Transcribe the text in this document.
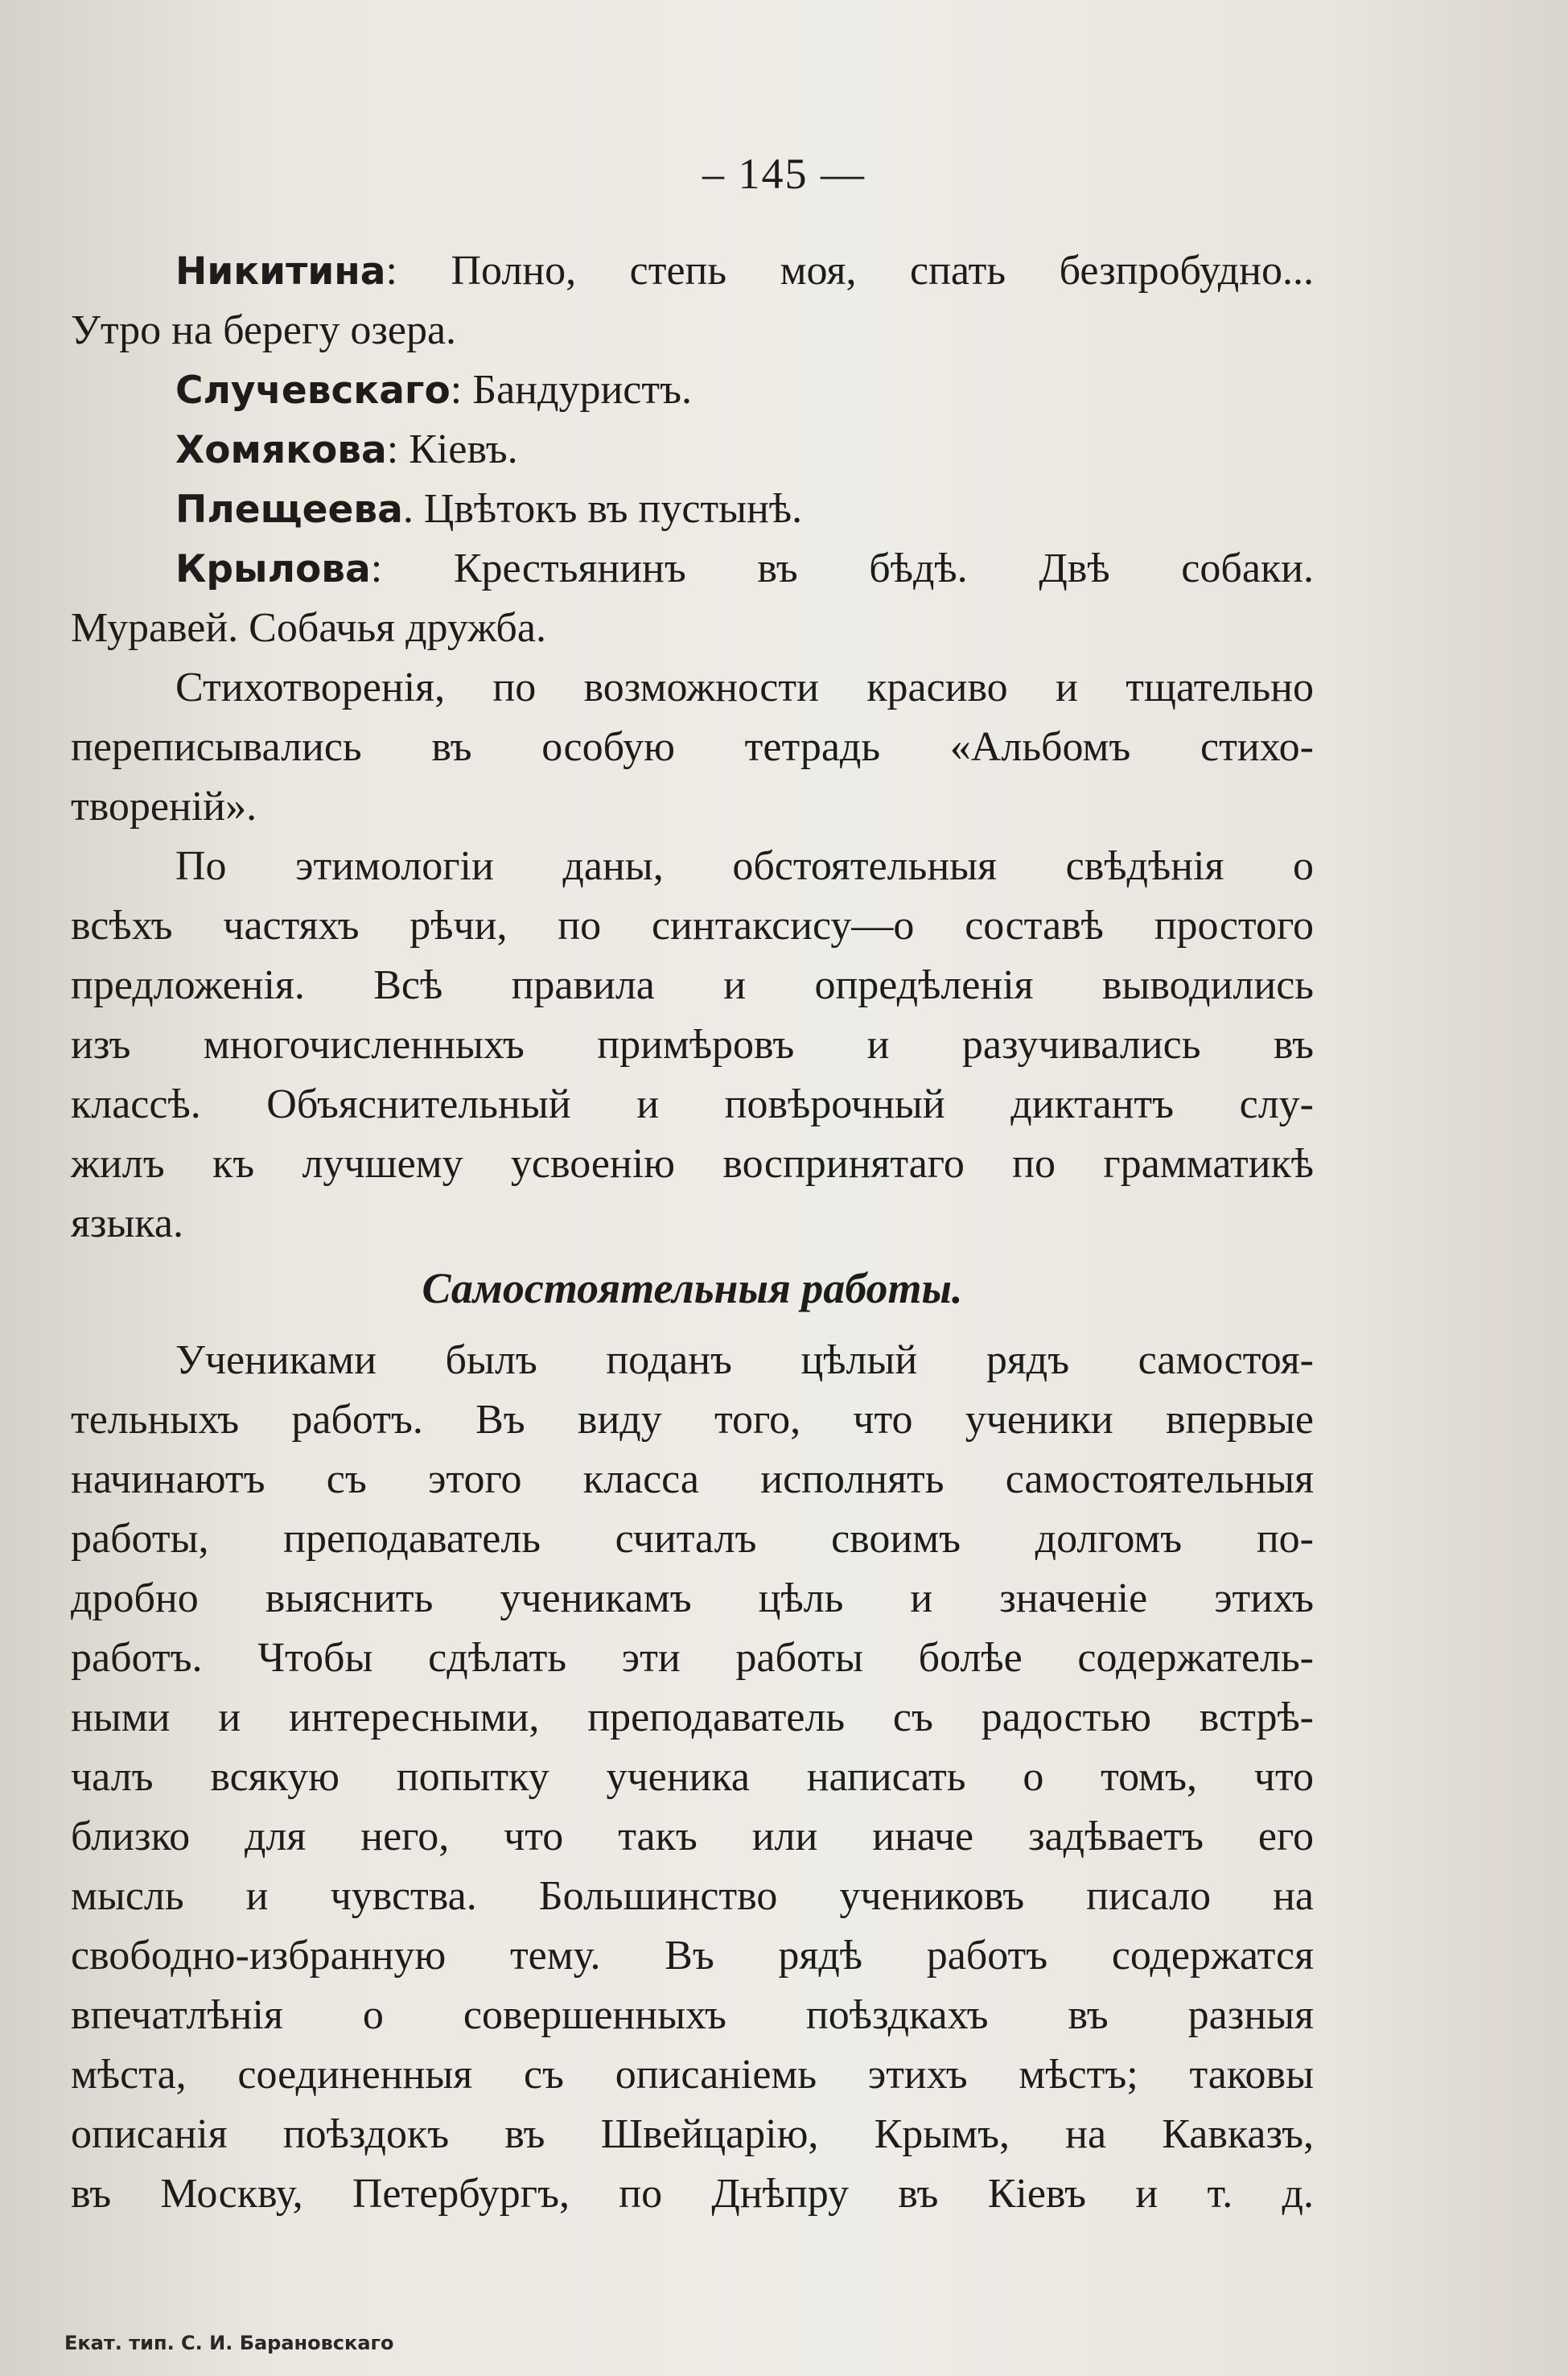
– 145 —
Никитина: Полно, степь моя, спать безпробудно...
Утро на берегу озера.
Случевскаго: Бандуристъ.
Хомякова: Кіевъ.
Плещеева. Цвѣтокъ въ пустынѣ.
Крылова: Крестьянинъ въ бѣдѣ. Двѣ собаки.
Муравей. Собачья дружба.
Стихотворенія, по возможности красиво и тщательно
переписывались въ особую тетрадь «Альбомъ стихо-
твореній».
По этимологіи даны, обстоятельныя свѣдѣнія о
всѣхъ частяхъ рѣчи, по синтаксису—о составѣ простого
предложенія. Всѣ правила и опредѣленія выводились
изъ многочисленныхъ примѣровъ и разучивались въ
классѣ. Объяснительный и повѣрочный диктантъ слу-
жилъ къ лучшему усвоенію воспринятаго по грамматикѣ
языка.
Самостоятельныя работы.
Учениками былъ поданъ цѣлый рядъ самостоя-
тельныхъ работъ. Въ виду того, что ученики впервые
начинаютъ съ этого класса исполнять самостоятельныя
работы, преподаватель считалъ своимъ долгомъ по-
дробно выяснить ученикамъ цѣль и значеніе этихъ
работъ. Чтобы сдѣлать эти работы болѣе содержатель-
ными и интересными, преподаватель съ радостью встрѣ-
чалъ всякую попытку ученика написать о томъ, что
близко для него, что такъ или иначе задѣваетъ его
мысль и чувства. Большинство учениковъ писало на
свободно-избранную тему. Въ рядѣ работъ содержатся
впечатлѣнія о совершенныхъ поѣздкахъ въ разныя
мѣста, соединенныя съ описаніемь этихъ мѣстъ; таковы
описанія поѣздокъ въ Швейцарію, Крымъ, на Кавказъ,
въ Москву, Петербургъ, по Днѣпру въ Кіевъ и т. д.
Екат. тип. С. И. Барановскаго
